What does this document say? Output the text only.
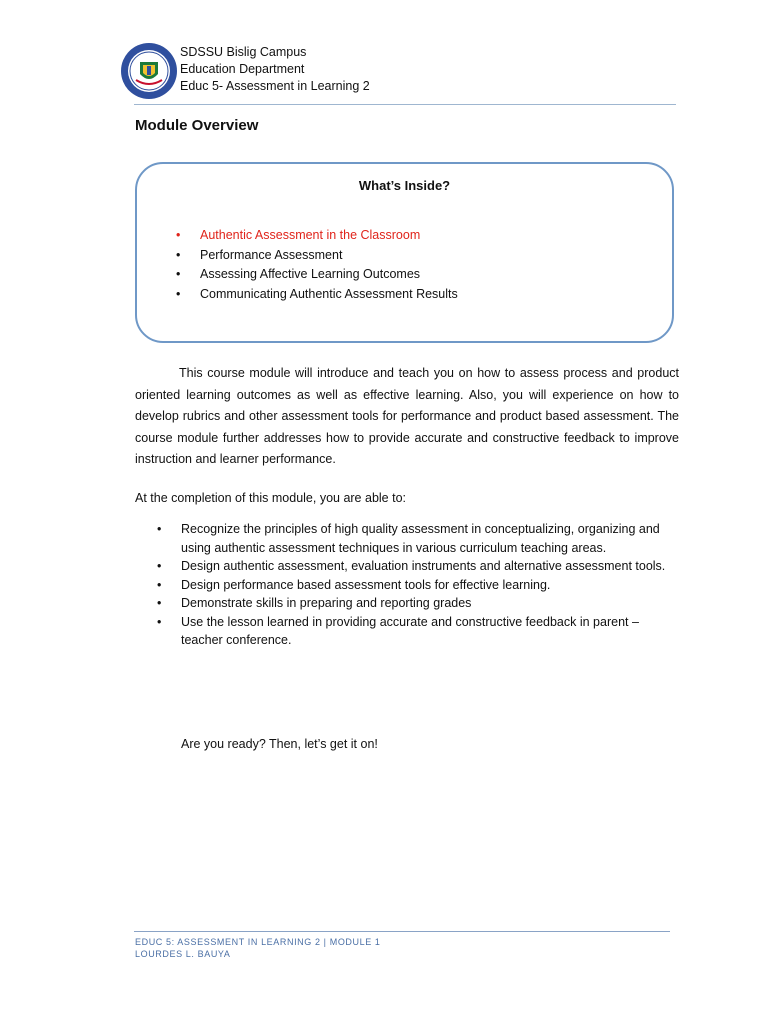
SDSSU Bislig Campus
Education Department
Educ 5- Assessment in Learning 2
Module Overview
What’s Inside?
• Authentic Assessment in the Classroom
• Performance Assessment
• Assessing Affective Learning Outcomes
• Communicating Authentic Assessment Results

This course module will introduce and teach you on how to assess process and product oriented learning outcomes as well as effective learning. Also, you will experience on how to develop rubrics and other assessment tools for performance and product based assessment. The course module further addresses how to provide accurate and constructive feedback to improve instruction and learner performance.

At the completion of this module, you are able to:

• Recognize the principles of high quality assessment in conceptualizing, organizing and using authentic assessment techniques in various curriculum teaching areas.
• Design authentic assessment, evaluation instruments and alternative assessment tools.
• Design performance based assessment tools for effective learning.
• Demonstrate skills in preparing and reporting grades
• Use the lesson learned in providing accurate and constructive feedback in parent – teacher conference.

Are you ready? Then, let’s get it on!

EDUC 5: ASSESSMENT IN LEARNING 2 | MODULE 1
LOURDES L. BAUYA
